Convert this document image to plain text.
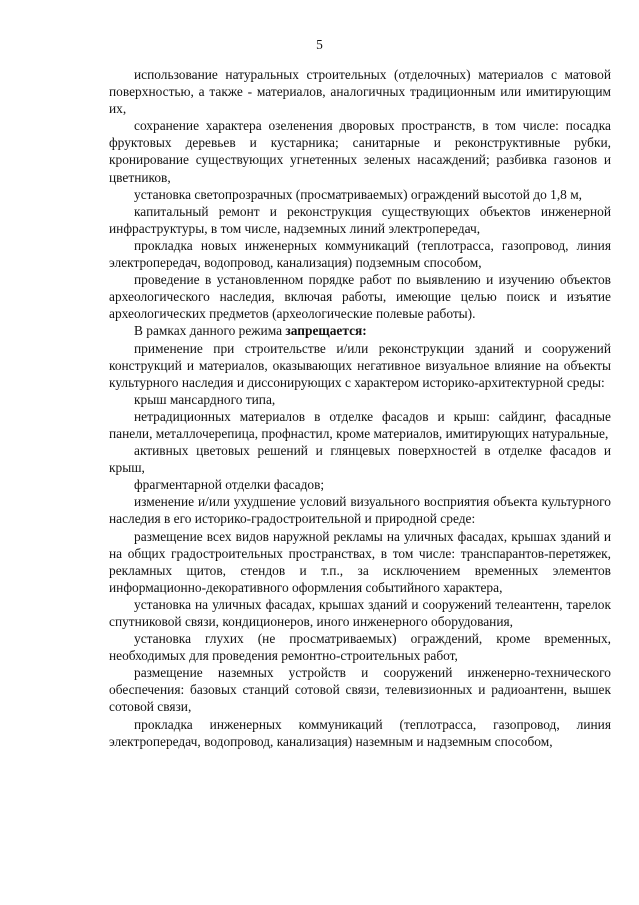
5

использование натуральных строительных (отделочных) материалов с матовой поверхностью, а также - материалов, аналогичных традиционным или имитирующим их,

сохранение характера озеленения дворовых пространств, в том числе: посадка фруктовых деревьев и кустарника; санитарные и реконструктивные рубки, кронирование существующих угнетенных зеленых насаждений; разбивка газонов и цветников,

установка светопрозрачных (просматриваемых) ограждений высотой до 1,8 м,

капитальный ремонт и реконструкция существующих объектов инженерной инфраструктуры, в том числе, надземных линий электропередач,

прокладка новых инженерных коммуникаций (теплотрасса, газопровод, линия электропередач, водопровод, канализация) подземным способом,

проведение в установленном порядке работ по выявлению и изучению объектов археологического наследия, включая работы, имеющие целью поиск и изъятие археологических предметов (археологические полевые работы).

В рамках данного режима запрещается:

применение при строительстве и/или реконструкции зданий и сооружений конструкций и материалов, оказывающих негативное визуальное влияние на объекты культурного наследия и диссонирующих с характером историко-архитектурной среды:

крыш мансардного типа,

нетрадиционных материалов в отделке фасадов и крыш: сайдинг, фасадные панели, металлочерепица, профнастил, кроме материалов, имитирующих натуральные,

активных цветовых решений и глянцевых поверхностей в отделке фасадов и крыш,

фрагментарной отделки фасадов;

изменение и/или ухудшение условий визуального восприятия объекта культурного наследия в его историко-градостроительной и природной среде:

размещение всех видов наружной рекламы на уличных фасадах, крышах зданий и на общих градостроительных пространствах, в том числе: транспарантов-перетяжек, рекламных щитов, стендов и т.п., за исключением временных элементов информационно-декоративного оформления событийного характера,

установка на уличных фасадах, крышах зданий и сооружений телеантенн, тарелок спутниковой связи, кондиционеров, иного инженерного оборудования,

установка глухих (не просматриваемых) ограждений, кроме временных, необходимых для проведения ремонтно-строительных работ,

размещение наземных устройств и сооружений инженерно-технического обеспечения: базовых станций сотовой связи, телевизионных и радиоантенн, вышек сотовой связи,

прокладка инженерных коммуникаций (теплотрасса, газопровод, линия электропередач, водопровод, канализация) наземным и надземным способом,
